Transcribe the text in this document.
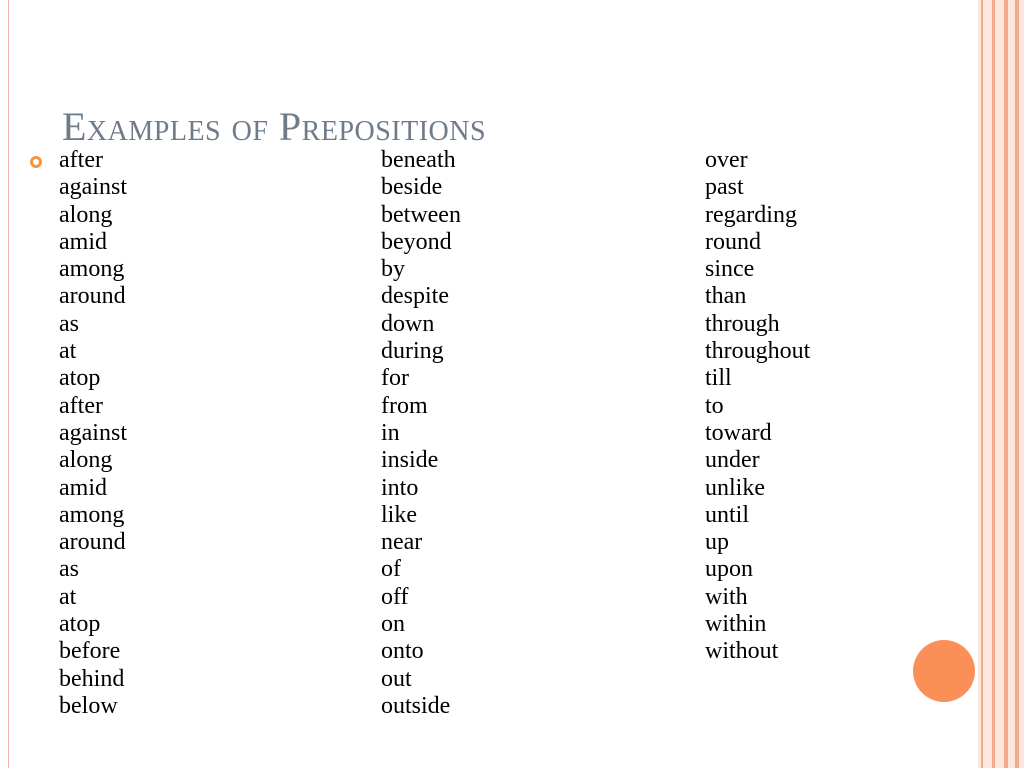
Examples of Prepositions
after
against
along
amid
among
around
as
at
atop
after
against
along
amid
among
around
as
at
atop
before
behind
below
beneath
beside
between
beyond
by
despite
down
during
for
from
in
inside
into
like
near
of
off
on
onto
out
outside
over
past
regarding
round
since
than
through
throughout
till
to
toward
under
unlike
until
up
upon
with
within
without
